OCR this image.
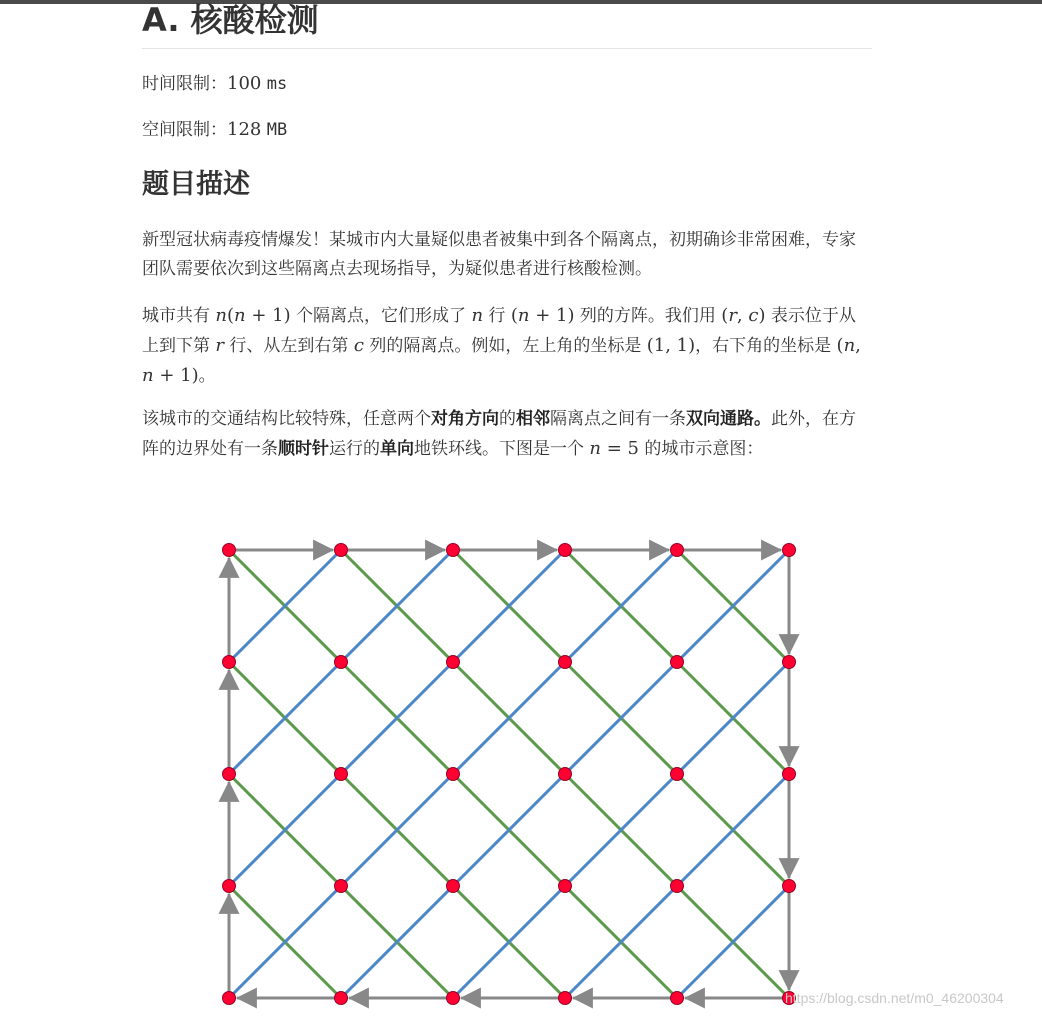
A. 核酸检测

时间限制：100 ms

空间限制：128 MB

题目描述

新型冠状病毒疫情爆发！某城市内大量疑似患者被集中到各个隔离点，初期确诊非常困难，专家团队需要依次到这些隔离点去现场指导，为疑似患者进行核酸检测。

城市共有 n(n + 1) 个隔离点，它们形成了 n 行 (n + 1) 列的方阵。我们用 (r, c) 表示位于从上到下第 r 行、从左到右第 c 列的隔离点。例如，左上角的坐标是 (1, 1)，右下角的坐标是 (n, n + 1)。

该城市的交通结构比较特殊，任意两个对角方向的相邻隔离点之间有一条双向通路。此外，在方阵的边界处有一条顺时针运行的单向地铁环线。下图是一个 n = 5 的城市示意图：

https://blog.csdn.net/m0_46200304
